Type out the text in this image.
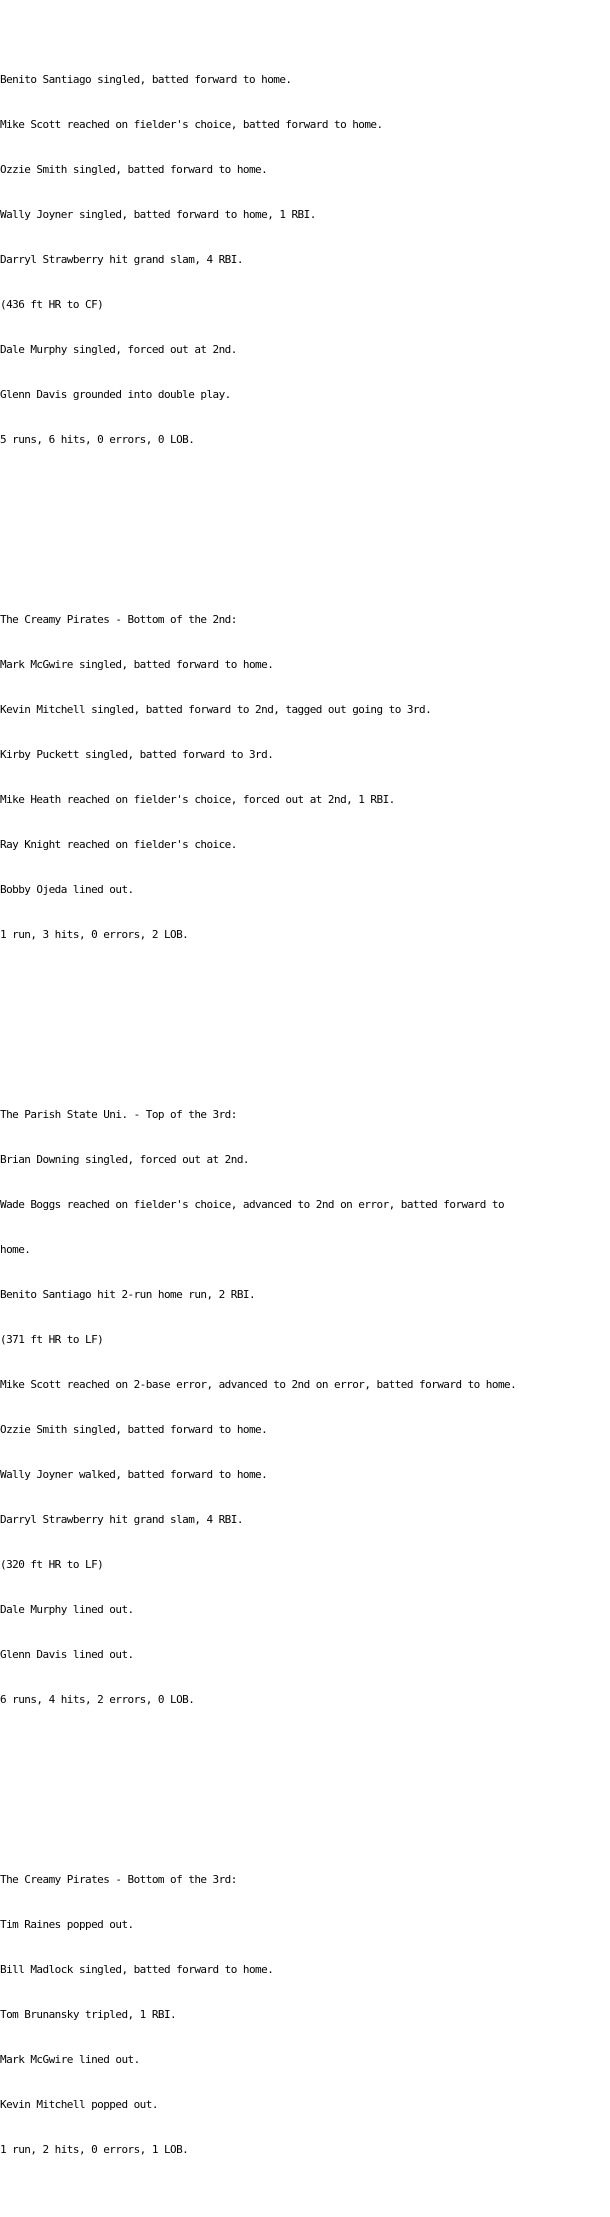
Benito Santiago singled, batted forward to home.

Mike Scott reached on fielder's choice, batted forward to home.

Ozzie Smith singled, batted forward to home.

Wally Joyner singled, batted forward to home, 1 RBI.

Darryl Strawberry hit grand slam, 4 RBI.

(436 ft HR to CF)

Dale Murphy singled, forced out at 2nd.

Glenn Davis grounded into double play.

5 runs, 6 hits, 0 errors, 0 LOB.

The Creamy Pirates - Bottom of the 2nd:

Mark McGwire singled, batted forward to home.

Kevin Mitchell singled, batted forward to 2nd, tagged out going to 3rd.

Kirby Puckett singled, batted forward to 3rd.

Mike Heath reached on fielder's choice, forced out at 2nd, 1 RBI.

Ray Knight reached on fielder's choice.

Bobby Ojeda lined out.

1 run, 3 hits, 0 errors, 2 LOB.

The Parish State Uni. - Top of the 3rd:

Brian Downing singled, forced out at 2nd.

Wade Boggs reached on fielder's choice, advanced to 2nd on error, batted forward to

home.

Benito Santiago hit 2-run home run, 2 RBI.

(371 ft HR to LF)

Mike Scott reached on 2-base error, advanced to 2nd on error, batted forward to home.

Ozzie Smith singled, batted forward to home.

Wally Joyner walked, batted forward to home.

Darryl Strawberry hit grand slam, 4 RBI.

(320 ft HR to LF)

Dale Murphy lined out.

Glenn Davis lined out.

6 runs, 4 hits, 2 errors, 0 LOB.

The Creamy Pirates - Bottom of the 3rd:

Tim Raines popped out.

Bill Madlock singled, batted forward to home.

Tom Brunansky tripled, 1 RBI.

Mark McGwire lined out.

Kevin Mitchell popped out.

1 run, 2 hits, 0 errors, 1 LOB.
